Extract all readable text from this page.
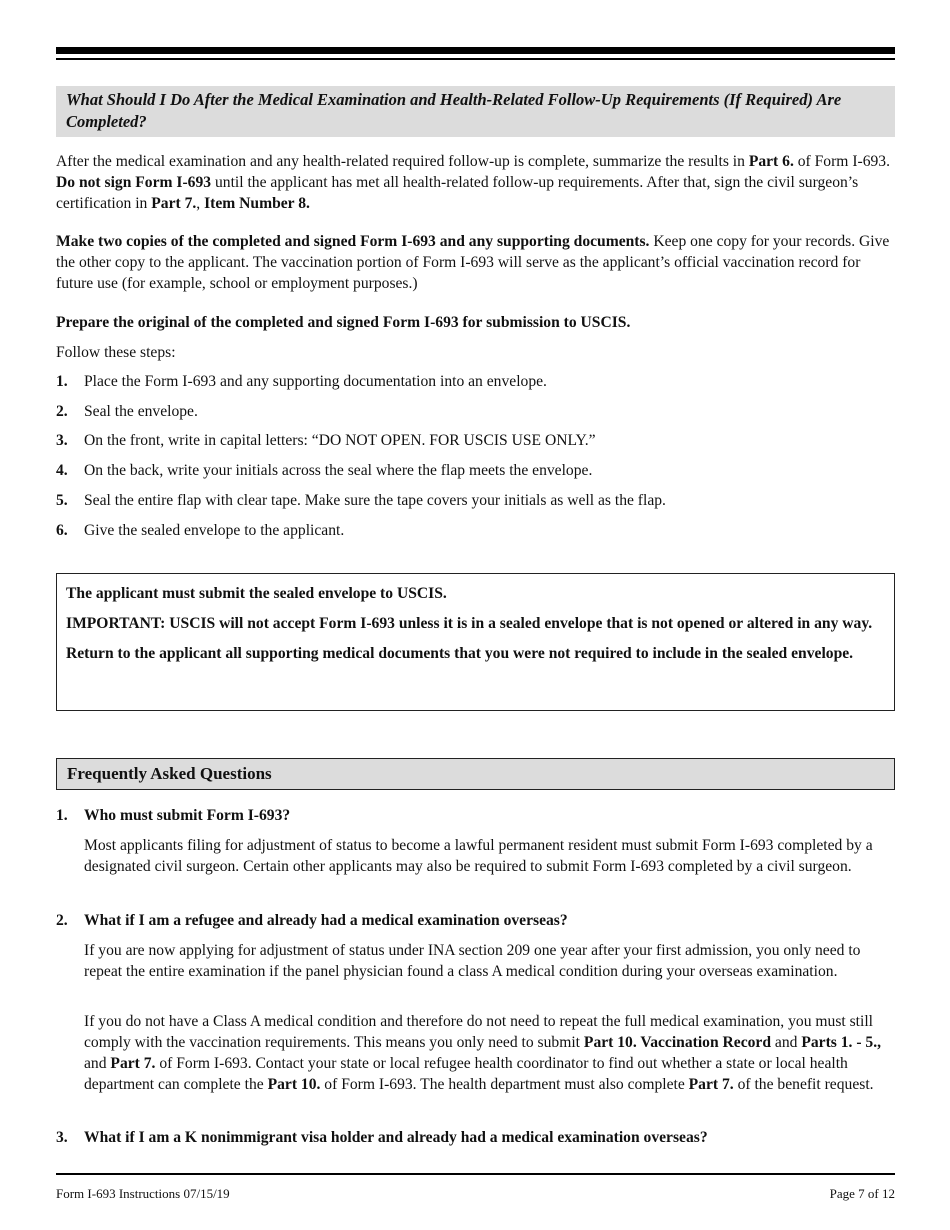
What Should I Do After the Medical Examination and Health-Related Follow-Up Requirements (If Required) Are Completed?

After the medical examination and any health-related required follow-up is complete, summarize the results in Part 6. of Form I-693. Do not sign Form I-693 until the applicant has met all health-related follow-up requirements. After that, sign the civil surgeon’s certification in Part 7., Item Number 8.

Make two copies of the completed and signed Form I-693 and any supporting documents. Keep one copy for your records. Give the other copy to the applicant. The vaccination portion of Form I-693 will serve as the applicant’s official vaccination record for future use (for example, school or employment purposes.)

Prepare the original of the completed and signed Form I-693 for submission to USCIS.

Follow these steps:

1. Place the Form I-693 and any supporting documentation into an envelope.
2. Seal the envelope.
3. On the front, write in capital letters: “DO NOT OPEN. FOR USCIS USE ONLY.”
4. On the back, write your initials across the seal where the flap meets the envelope.
5. Seal the entire flap with clear tape. Make sure the tape covers your initials as well as the flap.
6. Give the sealed envelope to the applicant.

The applicant must submit the sealed envelope to USCIS.

IMPORTANT: USCIS will not accept Form I-693 unless it is in a sealed envelope that is not opened or altered in any way.

Return to the applicant all supporting medical documents that you were not required to include in the sealed envelope.

Frequently Asked Questions
1. Who must submit Form I-693?

Most applicants filing for adjustment of status to become a lawful permanent resident must submit Form I-693 completed by a designated civil surgeon. Certain other applicants may also be required to submit Form I-693 completed by a civil surgeon.

2. What if I am a refugee and already had a medical examination overseas?

If you are now applying for adjustment of status under INA section 209 one year after your first admission, you only need to repeat the entire examination if the panel physician found a class A medical condition during your overseas examination.

If you do not have a Class A medical condition and therefore do not need to repeat the full medical examination, you must still comply with the vaccination requirements. This means you only need to submit Part 10. Vaccination Record and Parts 1. - 5., and Part 7. of Form I-693. Contact your state or local refugee health coordinator to find out whether a state or local health department can complete the Part 10. of Form I-693. The health department must also complete Part 7. of the benefit request.

3. What if I am a K nonimmigrant visa holder and already had a medical examination overseas?
Form I-693 Instructions 07/15/19	Page 7 of 12
